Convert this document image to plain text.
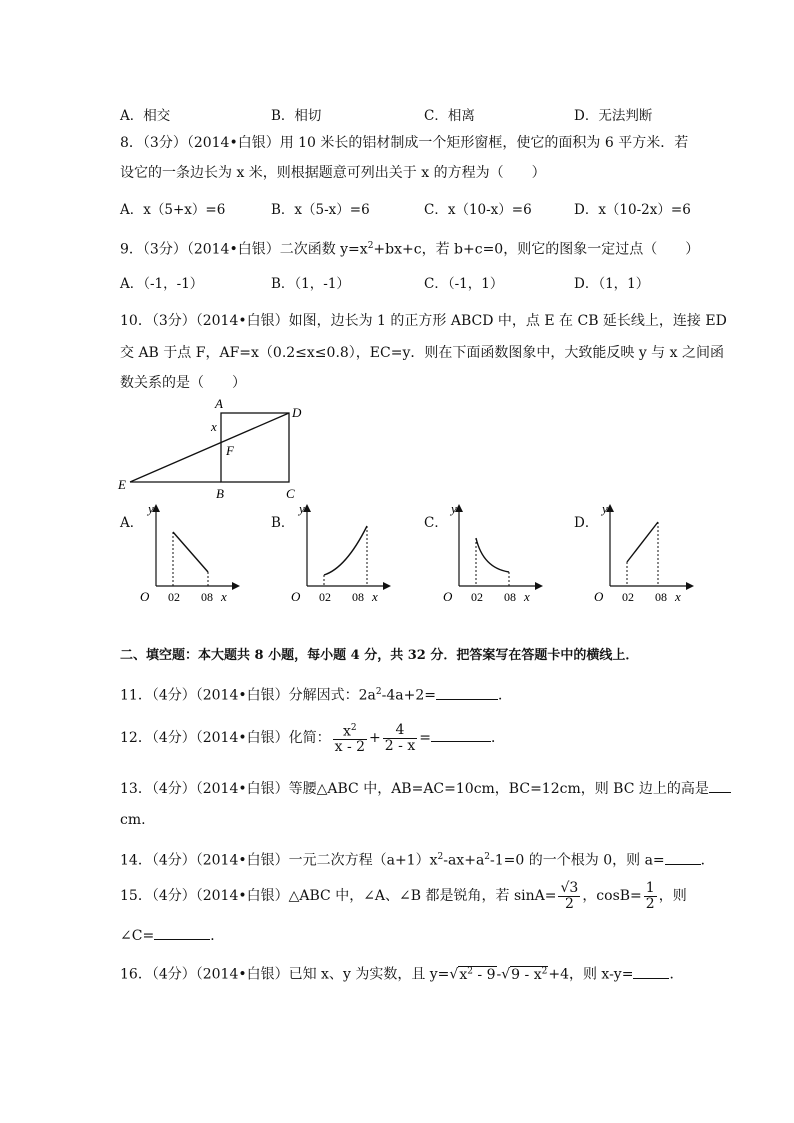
A．相交	B．相切	C．相离	D．无法判断
8．（3分）（2014•白银）用 10 米长的铝材制成一个矩形窗框，使它的面积为 6 平方米．若
设它的一条边长为 x 米，则根据题意可列出关于 x 的方程为（　　）
A．x（5+x）=6	B．x（5-x）=6	C．x（10-x）=6	D．x（10-2x）=6
9．（3分）（2014•白银）二次函数 $y=x^2+bx+c$，若 b+c=0，则它的图象一定过点（　　）
A．（-1，-1）	B．（1，-1）	C．（-1，1）	D．（1，1）
10．（3分）（2014•白银）如图，边长为 1 的正方形 ABCD 中，点 E 在 CB 延长线上，连接 ED
交 AB 于点 F，AF=x（0.2≤x≤0.8），EC=y．则在下面函数图象中，大致能反映 y 与 x 之间函
数关系的是（　　）
A
D
x
F
E
B	C
A．
y
O 02 08 x
B．
y
O 02 08 x
C．
y
O 02 08 x
D．
y
O 02 08 x
二、填空题：本大题共 8 小题，每小题 4 分，共 32 分．把答案写在答题卡中的横线上．
11．（4分）（2014•白银）分解因式：$2a^2-4a+2=$	．
12．（4分）（2014•白银）化简： $\frac{x^2}{x - 2} + \frac{4}{2 - x}$ =	．
13．（4分）（2014•白银）等腰△ABC 中，AB=AC=10cm，BC=12cm，则 BC 边上的高是
cm.
14．（4分）（2014•白银）一元二次方程$(a+1)x^2-ax+a^2-1=0$ 的一个根为 0，则 a=	．
15．（4分）（2014•白银）△ABC 中，∠A、∠B 都是锐角，若 $\sin A= \frac{√3}{2}$ ，$\cos B= \frac{1}{2}$ ，则
∠C=	．
16．（4分）（2014•白银）已知 x、y 为实数，且 $y=√x^2 - 9-√9 - x^2+4$，则 x-y=	．
